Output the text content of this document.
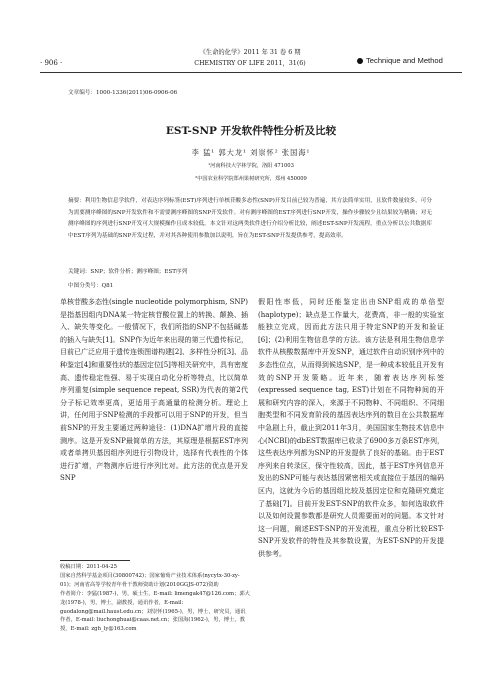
· 906 ·
《生命的化学》2011 年 31 卷 6 期
CHEMISTRY OF LIFE 2011，31(6)	Technique and Method
文章编号：1000-1336(2011)06-0906-06
EST-SNP 开发软件特性分析及比较
李 猛¹ 郭大龙¹ 刘崇怀² 张国海¹
¹河南科技大学林学院，洛阳 471003
²中国农业科学院郑州果树研究所，郑州 450009
摘要：利用生物信息学软件，对表达序列标签(EST)序列进行单核苷酸多态性(SNP)开发目前已较为普遍，其方法简单实用，且软件数量较多，可分为需要测序峰图的SNP开发软件和不需要测序峰图的SNP开发软件。对有测序峰图的EST序列进行SNP开发，操作步骤较少且结果较为精确；对无测序峰图的序列进行SNP开发可大规模操作且成本较低。本文针对这两类软件进行介绍分析比较，阐述EST-SNP开发流程，重点分析以公共数据库中EST序列为基础的SNP开发过程，并对其各种使用参数加以说明，旨在为EST-SNP开发提供参考，提高效率。
关键词：SNP；软件分析；测序峰图；EST序列
中图分类号：Q81

单核苷酸多态性(single nucleotide polymorphism, SNP)是指基因组内DNA某一特定核苷酸位置上的转换、颠换、插入、缺失等变化。一般情况下，我们所指的SNP不包括碱基的插入与缺失[1]。SNP作为近年来出现的第三代遗传标记，目前已广泛应用于遗传连锁图谱构建[2]、多样性分析[3]、品种鉴定[4]和重要性状的基因定位[5]等相关研究中，具有密度高、遗传稳定性强、易于实现自动化分析等特点，比以简单序列重复(simple sequence repeat, SSR)为代表的第2代分子标记效率更高，更适用于高通量的检测分析。理论上讲，任何用于SNP检测的手段都可以用于SNP的开发，但当前SNP的开发主要通过两种途径：(1)DNA扩增片段的直接测序。这是开发SNP最简单的方法，其原理是根据EST序列或者单拷贝基因组序列进行引物设计，选择有代表性的个体进行扩增，产物测序后进行序列比对。此方法的优点是开发SNP

假阳性率低，同时还能鉴定出由SNP组成的单倍型(haplotype)；缺点是工作量大，花费高，非一般的实验室能独立完成，因而此方法只用于特定SNP的开发和验证[6]；(2)利用生物信息学的方法。该方法是利用生物信息学软件从核酸数据库中开发SNP，通过软件自动识别序列中的多态性位点，从而得到候选SNP，是一种成本较低且开发有效的SNP开发策略。近年来，随着表达序列标签(expressed sequence tag, EST)计划在不同物种间的开展和研究内容的深入，来源于不同物种、不同组织、不同细胞类型和不同发育阶段的基因表达序列的数目在公共数据库中急剧上升，截止到2011年3月，美国国家生物技术信息中心(NCBI)的dbEST数据库已收录了6900多万条EST序列，这些表达序列都为SNP的开发提供了良好的基础。由于EST序列来自转录区，保守性较高，因此，基于EST序列信息开发出的SNP可能与表达基因紧密相关或直接位于基因的编码区内，这就为今后的基因组比较及基因定位和克隆研究奠定了基础[7]。目前开发EST-SNP的软件众多，如何选取软件以及如何设置参数都是研究人员需要面对的问题。本文针对这一问题，阐述EST-SNP的开发流程，重点分析比较EST-SNP开发软件的特性及其参数设置，为EST-SNP的开发提供参考。

收稿日期：2011-04-25
国家自然科学基金项目(30800742)；国家葡萄产业技术体系(nycytx-30-zy-01)；河南省高等学校青年骨干教师资助计划(2010GGJS-072)资助
作者简介：李猛(1987-)，男，硕士生，E-mail: limengak47@126.com；郭大龙(1978-)，男，博士，副教授，通讯作者，E-mail: guodalong@mail.haust.edu.cn；刘崇怀(1965-)，男，博士，研究员，通讯作者，E-mail: liuchonghuai@caas.net.cn；张国海(1962-)，男，博士，教授，E-mail: zgh_ly@163.com
